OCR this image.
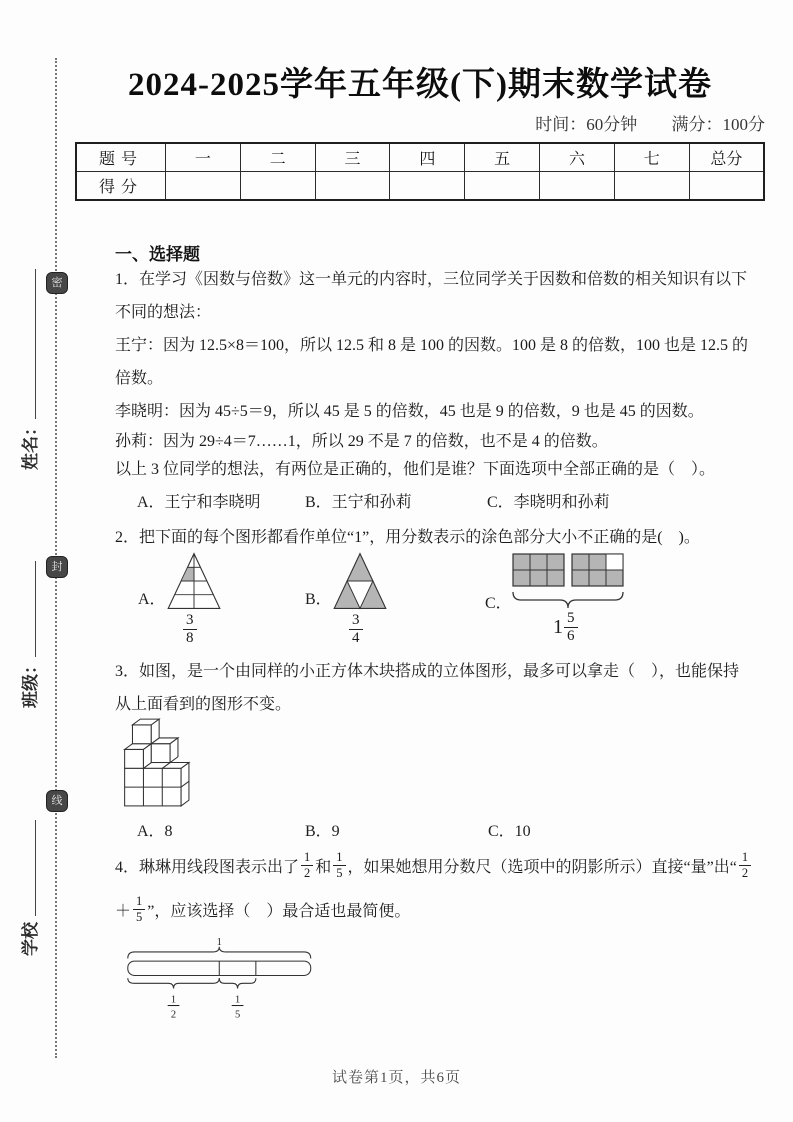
密
封
线
姓名：
班级：
学校
2024-2025学年五年级(下)期末数学试卷
时间：60分钟 满分：100分
题号	一	二	三	四	五	六	七	总分
得分								
一、选择题
1．在学习《因数与倍数》这一单元的内容时，三位同学关于因数和倍数的相关知识有以下
不同的想法：
王宁：因为 12.5×8＝100，所以 12.5 和 8 是 100 的因数。100 是 8 的倍数，100 也是 12.5 的
倍数。
李晓明：因为 45÷5＝9，所以 45 是 5 的倍数，45 也是 9 的倍数，9 也是 45 的因数。
孙莉：因为 29÷4＝7……1，所以 29 不是 7 的倍数，也不是 4 的倍数。
以上 3 位同学的想法，有两位是正确的，他们是谁？下面选项中全部正确的是（　）。
A．王宁和李晓明	B．王宁和孙莉	C．李晓明和孙莉
2．把下面的每个图形都看作单位“1”，用分数表示的涂色部分大小不正确的是(　)。
A．
$\frac{3}{8}$
B．
$\frac{3}{4}$
C．
$1 \frac{5}{6}$
3．如图，是一个由同样的小正方体木块搭成的立体图形，最多可以拿走（　），也能保持
从上面看到的图形不变。
A．8	B．9	C．10
4．琳琳用线段图表示出了 $\frac{1}{2}$ 和 $\frac{1}{5}$ ，如果她想用分数尺（选项中的阴影所示）直接“量”出“ $\frac{1}{2}$
＋ $\frac{1}{5}$ ”，应该选择（　）最合适也最简便。
1
1
2
1
5
试卷第1页，共6页
